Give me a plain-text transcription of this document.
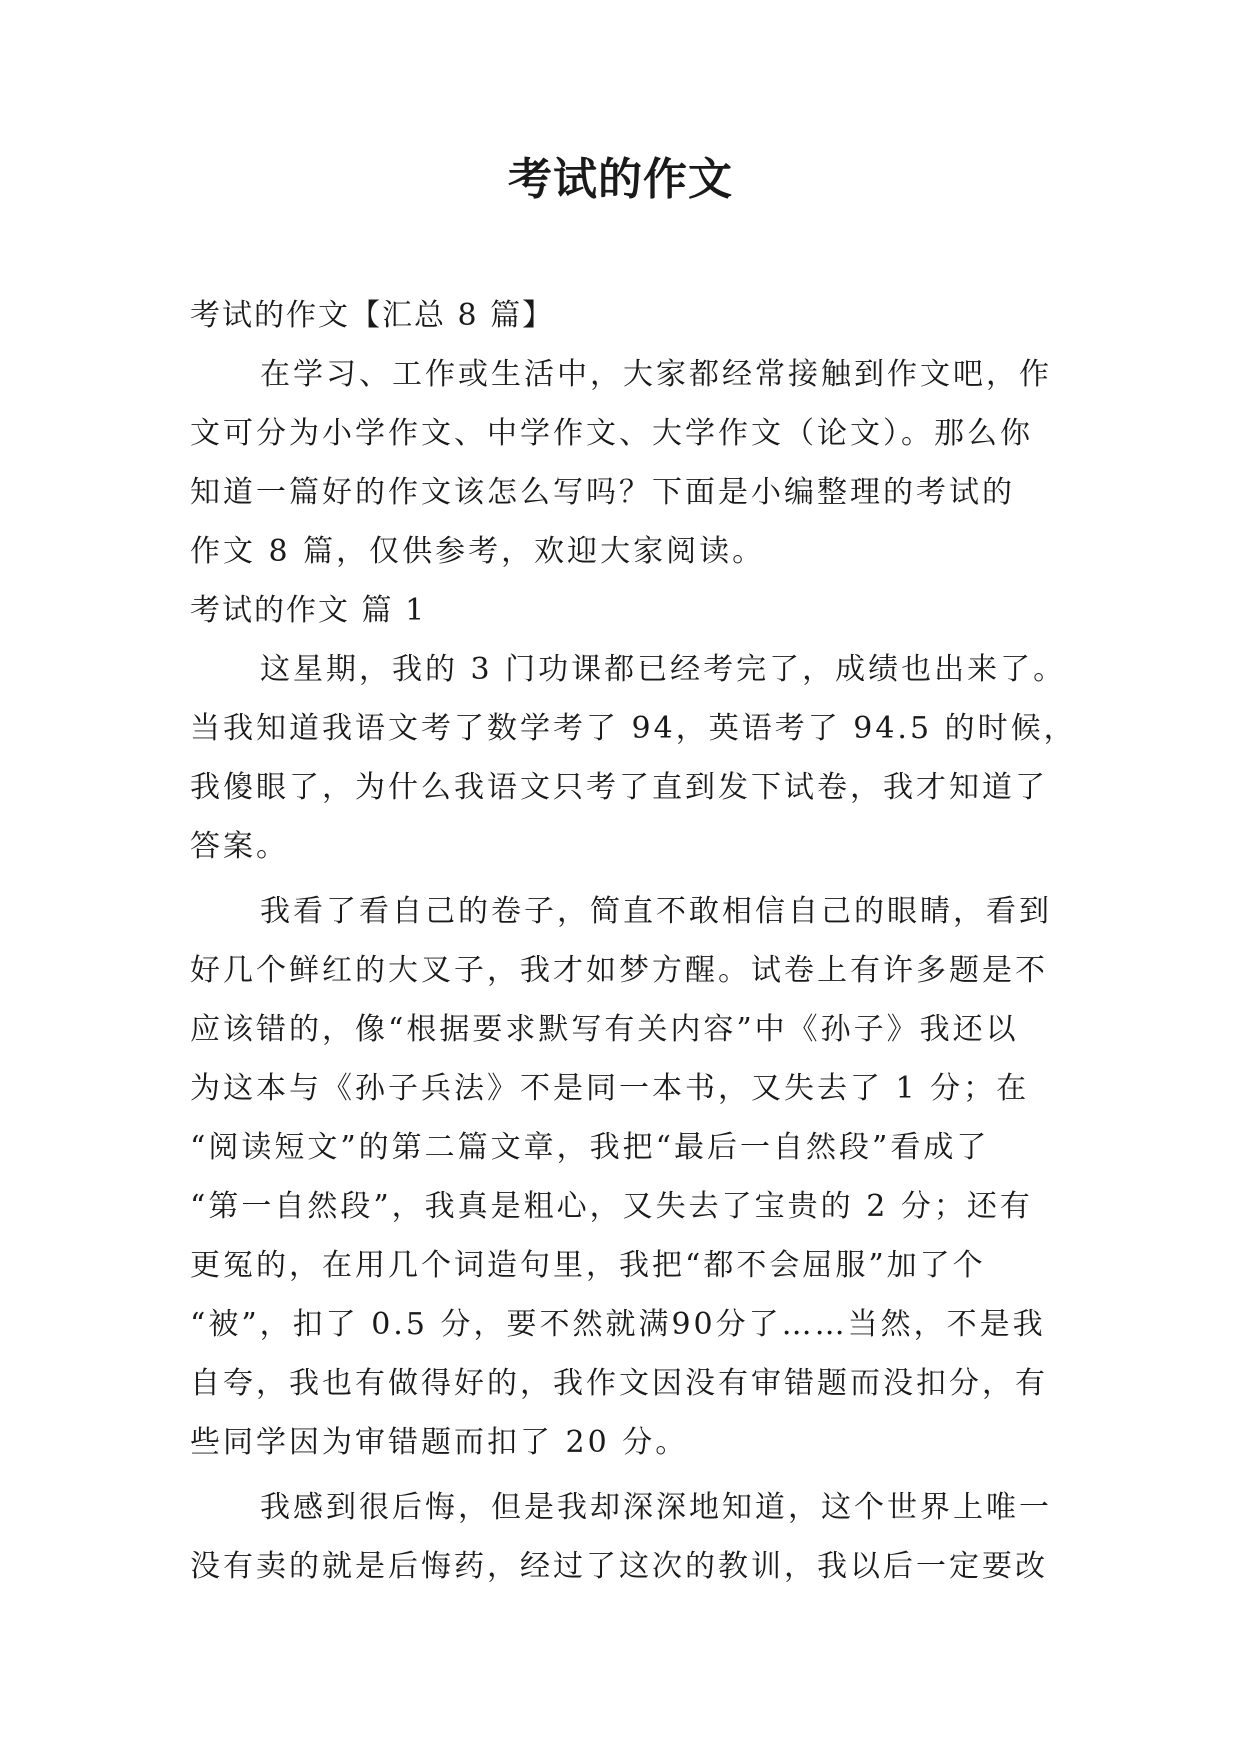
考试的作文

考试的作文【汇总 8 篇】

在学习、工作或生活中，大家都经常接触到作文吧，作

文可分为小学作文、中学作文、大学作文（论文）。那么你

知道一篇好的作文该怎么写吗？下面是小编整理的考试的

作文 8 篇，仅供参考，欢迎大家阅读。

考试的作文 篇 1

这星期，我的 3 门功课都已经考完了，成绩也出来了。

当我知道我语文考了数学考了 94，英语考了 94.5 的时候，

我傻眼了，为什么我语文只考了直到发下试卷，我才知道了

答案。

我看了看自己的卷子，简直不敢相信自己的眼睛，看到

好几个鲜红的大叉子，我才如梦方醒。试卷上有许多题是不

应该错的，像“根据要求默写有关内容”中《孙子》我还以

为这本与《孙子兵法》不是同一本书，又失去了 1 分；在

“阅读短文”的第二篇文章，我把“最后一自然段”看成了

“第一自然段”，我真是粗心，又失去了宝贵的 2 分；还有

更冤的，在用几个词造句里，我把“都不会屈服”加了个

“被”，扣了 0.5 分，要不然就满90分了……当然，不是我

自夸，我也有做得好的，我作文因没有审错题而没扣分，有

些同学因为审错题而扣了 20 分。

我感到很后悔，但是我却深深地知道，这个世界上唯一

没有卖的就是后悔药，经过了这次的教训，我以后一定要改
